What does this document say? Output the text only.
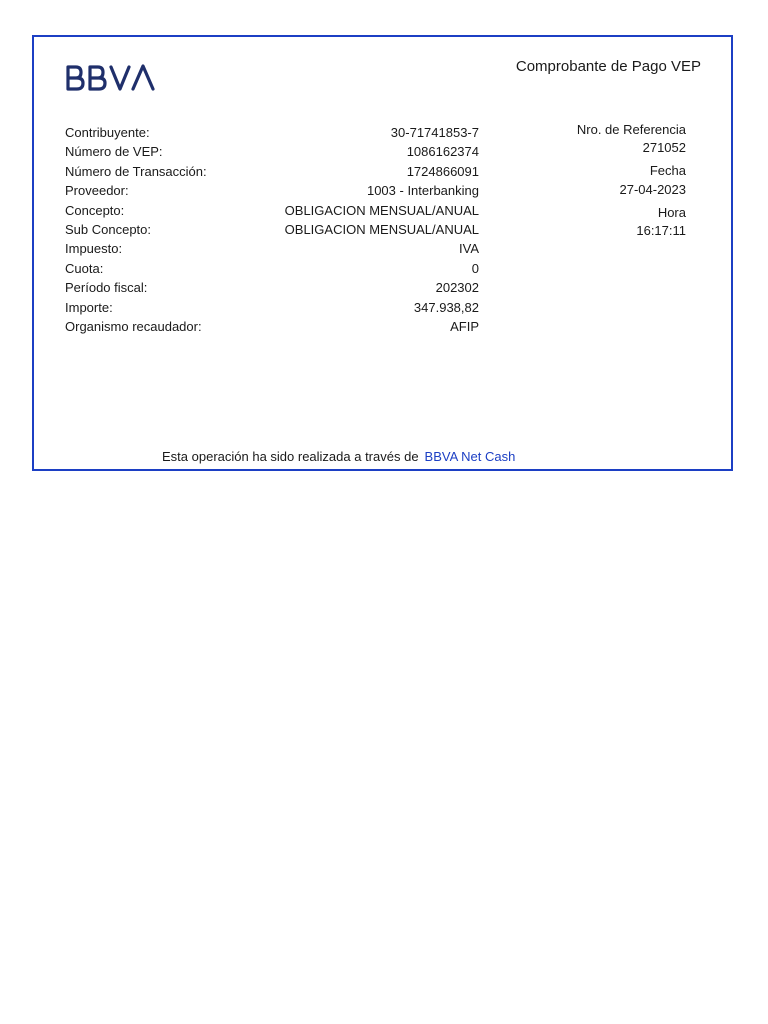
Comprobante de Pago VEP
Contribuyente:	30-71741853-7
Número de VEP:	1086162374
Número de Transacción:	1724866091
Proveedor:	1003 - Interbanking
Concepto:	OBLIGACION MENSUAL/ANUAL
Sub Concepto:	OBLIGACION MENSUAL/ANUAL
Impuesto:	IVA
Cuota:	0
Período fiscal:	202302
Importe:	347.938,82
Organismo recaudador:	AFIP
Nro. de Referencia
271052
Fecha
27-04-2023
Hora
16:17:11
Esta operación ha sido realizada a través de BBVA Net Cash
